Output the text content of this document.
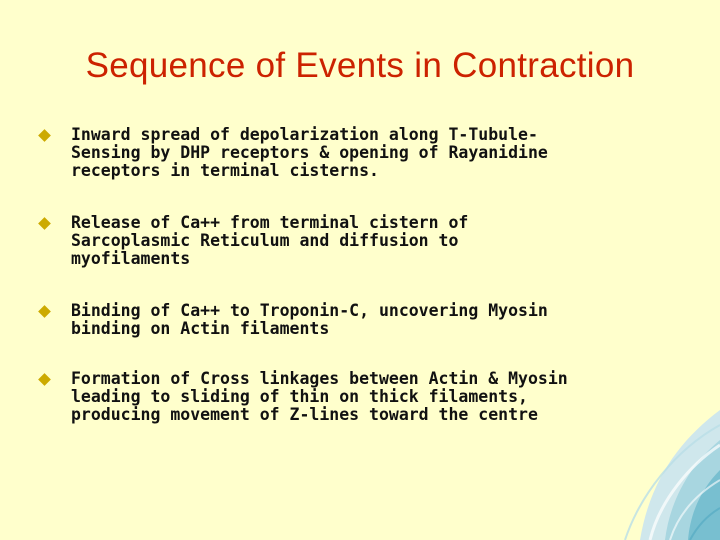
Sequence of Events in Contraction
Inward spread of depolarization along T-Tubule-
Sensing by DHP receptors & opening of Rayanidine
receptors in terminal cisterns.
Release of Ca++ from terminal cistern of
Sarcoplasmic Reticulum and diffusion to
myofilaments
Binding of Ca++ to Troponin-C, uncovering Myosin
binding on Actin filaments
Formation of Cross linkages between Actin & Myosin
leading to sliding of thin on thick filaments,
producing movement of Z-lines toward the centre
